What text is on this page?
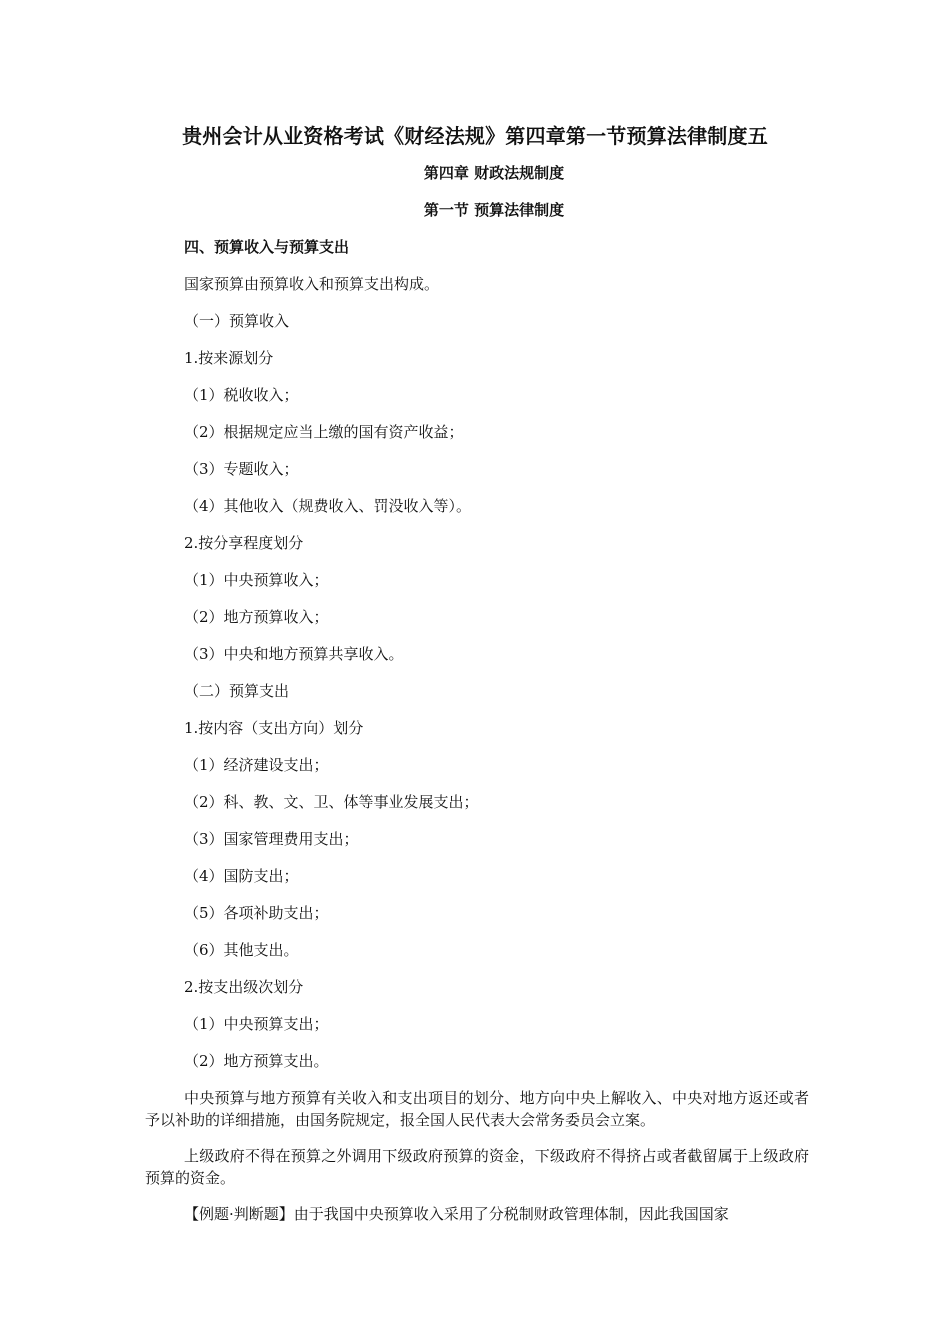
贵州会计从业资格考试《财经法规》第四章第一节预算法律制度五
第四章 财政法规制度
第一节 预算法律制度
四、预算收入与预算支出
国家预算由预算收入和预算支出构成。
（一）预算收入
1.按来源划分
（1）税收收入；
（2）根据规定应当上缴的国有资产收益；
（3）专题收入；
（4）其他收入（规费收入、罚没收入等）。
2.按分享程度划分
（1）中央预算收入；
（2）地方预算收入；
（3）中央和地方预算共享收入。
（二）预算支出
1.按内容（支出方向）划分
（1）经济建设支出；
（2）科、教、文、卫、体等事业发展支出；
（3）国家管理费用支出；
（4）国防支出；
（5）各项补助支出；
（6）其他支出。
2.按支出级次划分
（1）中央预算支出；
（2）地方预算支出。
中央预算与地方预算有关收入和支出项目的划分、地方向中央上解收入、中央对地方返还或者予以补助的详细措施，由国务院规定，报全国人民代表大会常务委员会立案。
上级政府不得在预算之外调用下级政府预算的资金，下级政府不得挤占或者截留属于上级政府预算的资金。
【例题·判断题】由于我国中央预算收入采用了分税制财政管理体制，因此我国国家
